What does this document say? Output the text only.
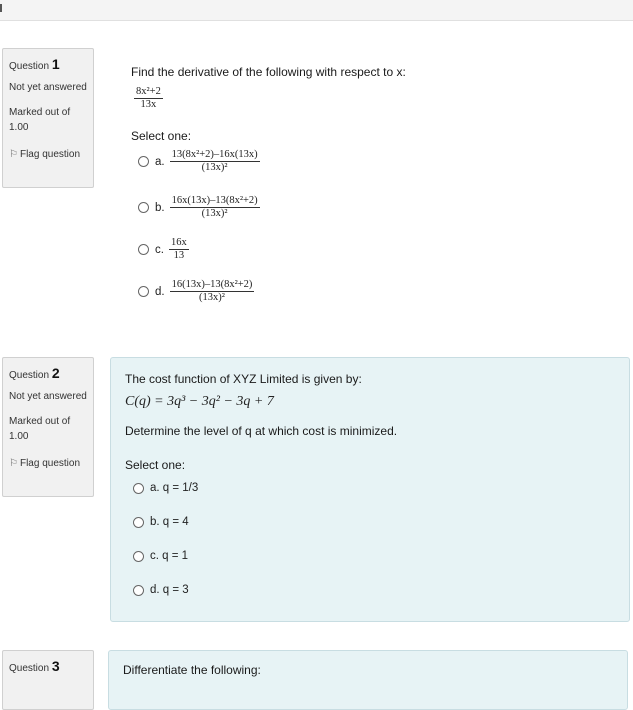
Question 1
Not yet answered
Marked out of 1.00
⚐ Flag question
Find the derivative of the following with respect to x:
$\frac{\text{8x²+2}}{13x}$
Select one:
a. $\frac{\text{13(8x²+2)–16x(13x)}}{\text{(13x)²}}$
b. $\frac{\text{16x(13x)–13(8x²+2)}}{\text{(13x)²}}$
c. $\frac{16x}{13}$
d. $\frac{\text{16(13x)–13(8x²+2)}}{\text{(13x)²}}$
Question 2
Not yet answered
Marked out of 1.00
⚐ Flag question
The cost function of XYZ Limited is given by:
C(q) = 3q³ − 3q² − 3q + 7
Determine the level of q at which cost is minimized.
Select one:
a. q = 1/3
b. q = 4
c. q = 1
d. q = 3
Question 3	Differentiate the following:
